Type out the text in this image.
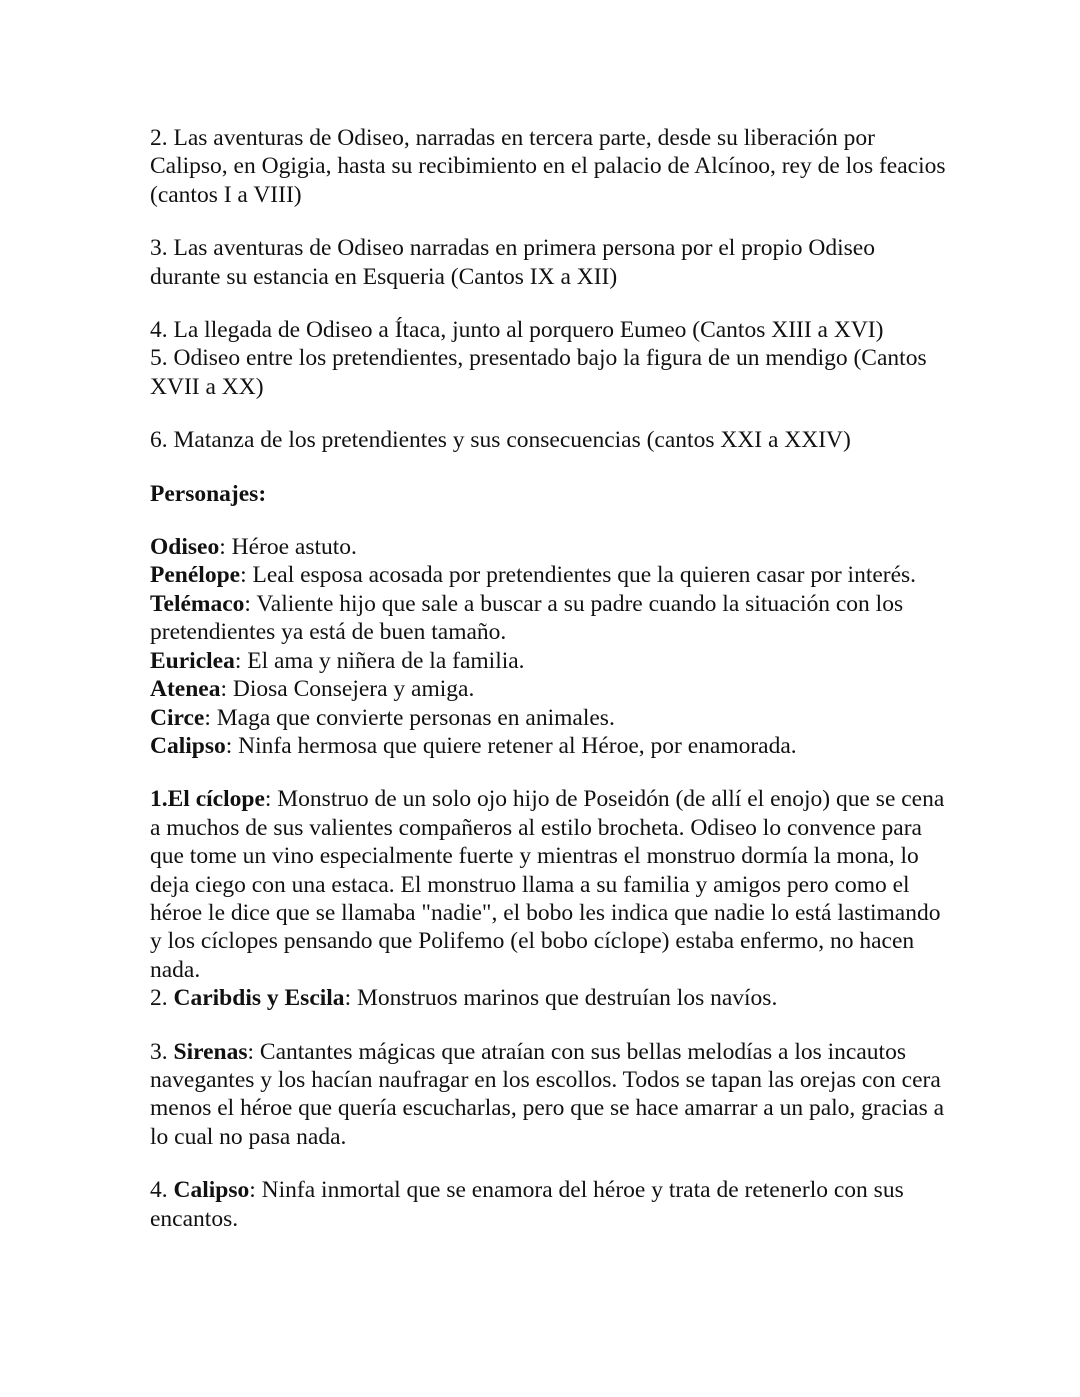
2. Las aventuras de Odiseo, narradas en tercera parte, desde su liberación por Calipso, en Ogigia, hasta su recibimiento en el palacio de Alcínoo, rey de los feacios (cantos I a VIII)

3. Las aventuras de Odiseo narradas en primera persona por el propio Odiseo durante su estancia en Esqueria (Cantos IX a XII)

4. La llegada de Odiseo a Ítaca, junto al porquero Eumeo (Cantos XIII a XVI)

5. Odiseo entre los pretendientes, presentado bajo la figura de un mendigo (Cantos XVII a XX)

6. Matanza de los pretendientes y sus consecuencias (cantos XXI a XXIV)

Personajes:

Odiseo: Héroe astuto.

Penélope: Leal esposa acosada por pretendientes que la quieren casar por interés.

Telémaco: Valiente hijo que sale a buscar a su padre cuando la situación con los pretendientes ya está de buen tamaño.

Euriclea: El ama y niñera de la familia.

Atenea: Diosa Consejera y amiga.

Circe: Maga que convierte personas en animales.

Calipso: Ninfa hermosa que quiere retener al Héroe, por enamorada.

1.El cíclope: Monstruo de un solo ojo hijo de Poseidón (de allí el enojo) que se cena a muchos de sus valientes compañeros al estilo brocheta. Odiseo lo convence para que tome un vino especialmente fuerte y mientras el monstruo dormía la mona, lo deja ciego con una estaca. El monstruo llama a su familia y amigos pero como el héroe le dice que se llamaba "nadie", el bobo les indica que nadie lo está lastimando y los cíclopes pensando que Polifemo (el bobo cíclope) estaba enfermo, no hacen nada.

2. Caribdis y Escila: Monstruos marinos que destruían los navíos.

3. Sirenas: Cantantes mágicas que atraían con sus bellas melodías a los incautos navegantes y los hacían naufragar en los escollos. Todos se tapan las orejas con cera menos el héroe que quería escucharlas, pero que se hace amarrar a un palo, gracias a lo cual no pasa nada.

4. Calipso: Ninfa inmortal que se enamora del héroe y trata de retenerlo con sus encantos.
